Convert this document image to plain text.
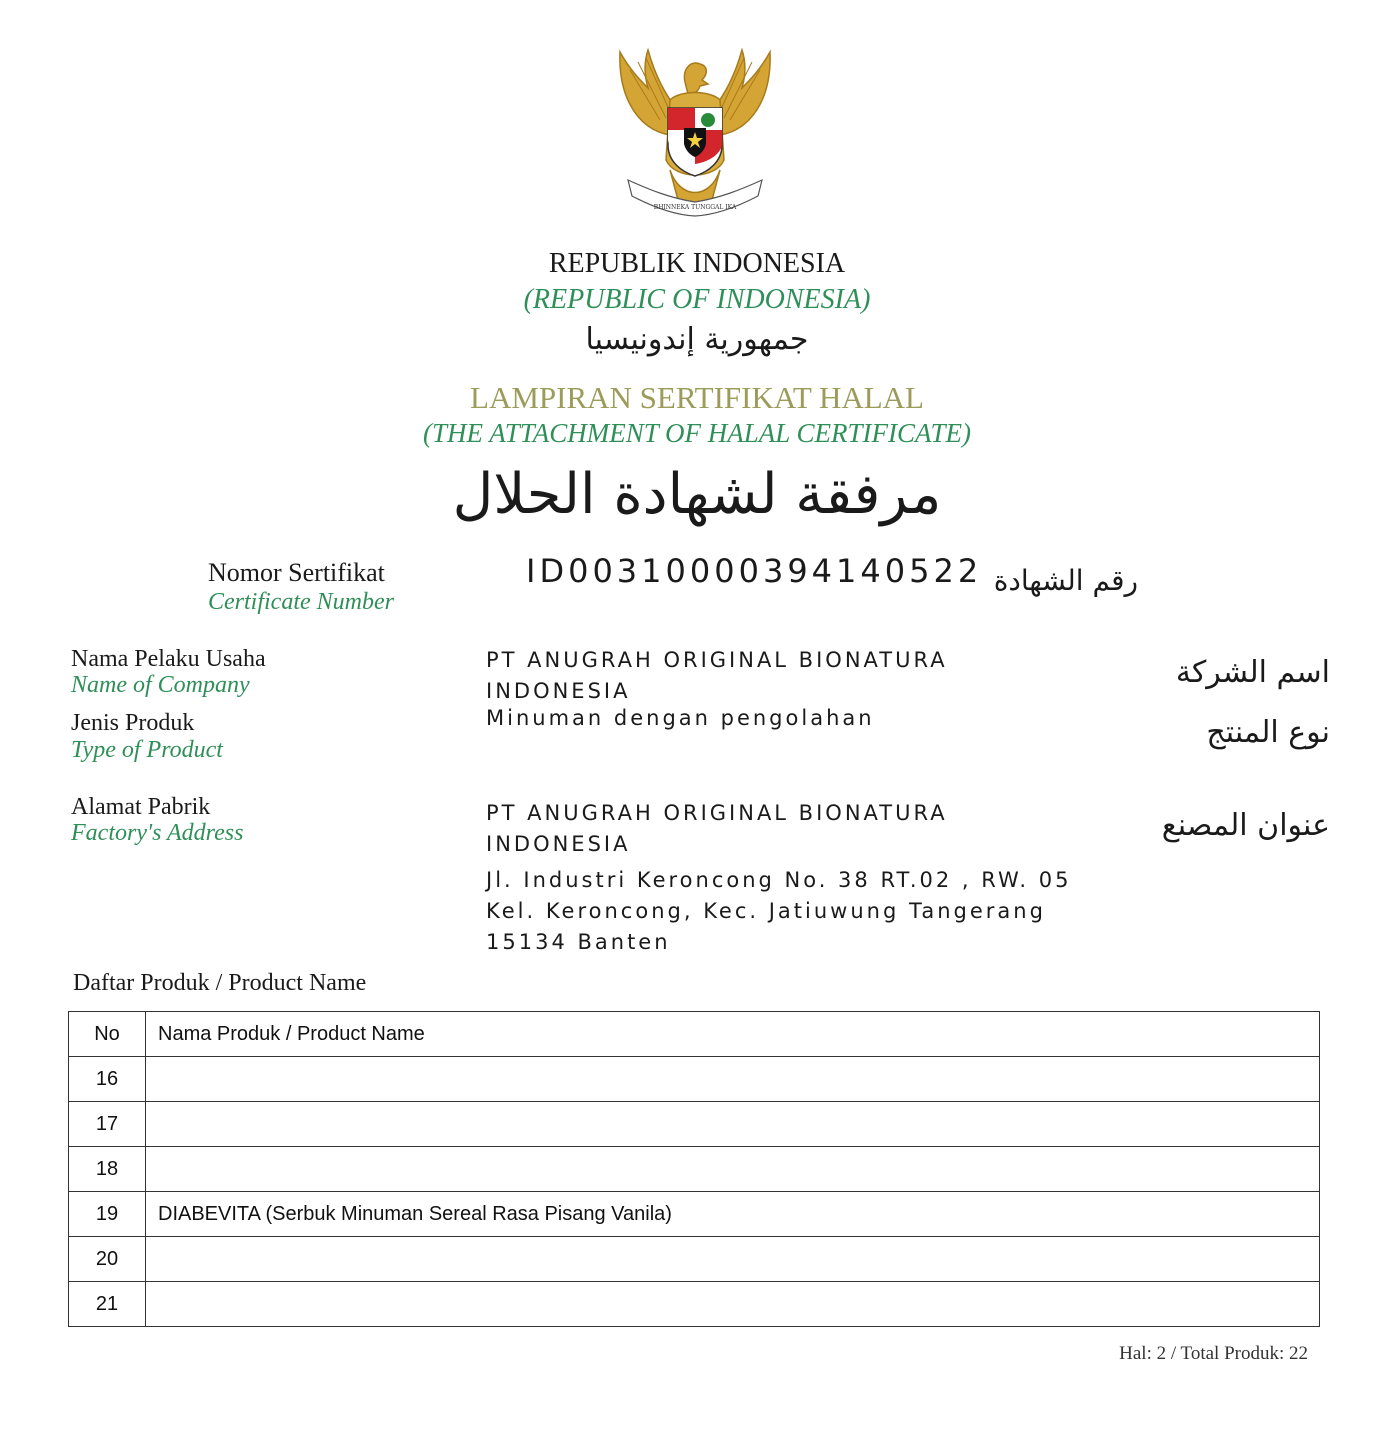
BHINNEKA TUNGGAL IKA
REPUBLIK INDONESIA
(REPUBLIC OF INDONESIA)
جمهورية إندونيسيا
LAMPIRAN SERTIFIKAT HALAL
(THE ATTACHMENT OF HALAL CERTIFICATE)
مرفقة لشهادة الحلال
Nomor Sertifikat
Certificate Number
ID00310000394140522 رقم الشهادة
Nama Pelaku Usaha
Name of Company
PT ANUGRAH ORIGINAL BIONATURA
INDONESIA
اسم الشركة
Jenis Produk
Type of Product
Minuman dengan pengolahan	نوع المنتج
Alamat Pabrik
Factory's Address
PT ANUGRAH ORIGINAL BIONATURA
INDONESIA
Jl. Industri Keroncong No. 38 RT.02 , RW. 05
Kel. Keroncong, Kec. Jatiuwung Tangerang
15134 Banten
عنوان المصنع
Daftar Produk / Product Name
No	Nama Produk / Product Name
16	
17	
18	
19	DIABEVITA (Serbuk Minuman Sereal Rasa Pisang Vanila)
20	
21	
Hal: 2 / Total Produk: 22
